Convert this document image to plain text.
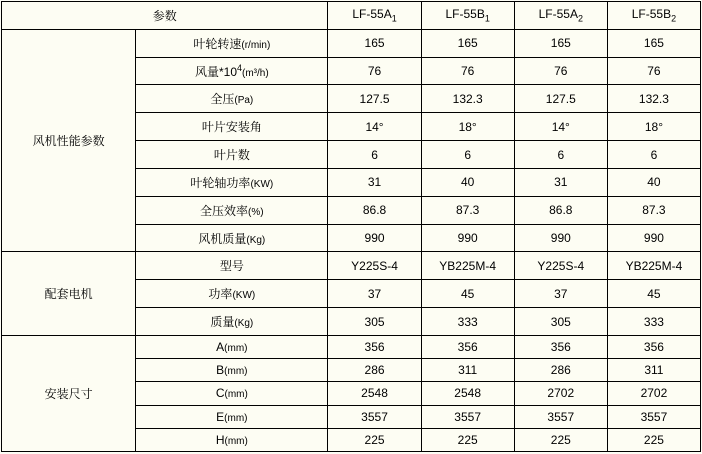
参数		$LF-55A_1$	$LF-55B_1$	$LF-55A_2$	$LF-55B_2$
风机性能参数	叶轮转速(r/min)	165	165	165	165
	风量$*10^4(m^3/h)$	76	76	76	76
	全压(Pa)	127.5	132.3	127.5	132.3
	叶片安装角	14°	18°	14°	18°
	叶片数	6	6	6	6
	叶轮轴功率(KW)	31	40	31	40
	全压效率(%)	86.8	87.3	86.8	87.3
	风机质量(Kg)	990	990	990	990
配套电机	型号	Y225S-4	YB225M-4	Y225S-4	YB225M-4
	功率(KW)	37	45	37	45
	质量(Kg)	305	333	305	333
安装尺寸	A(mm)	356	356	356	356
	B(mm)	286	311	286	311
	C(mm)	2548	2548	2702	2702
	E(mm)	3557	3557	3557	3557
	H(mm)	225	225	225	225
